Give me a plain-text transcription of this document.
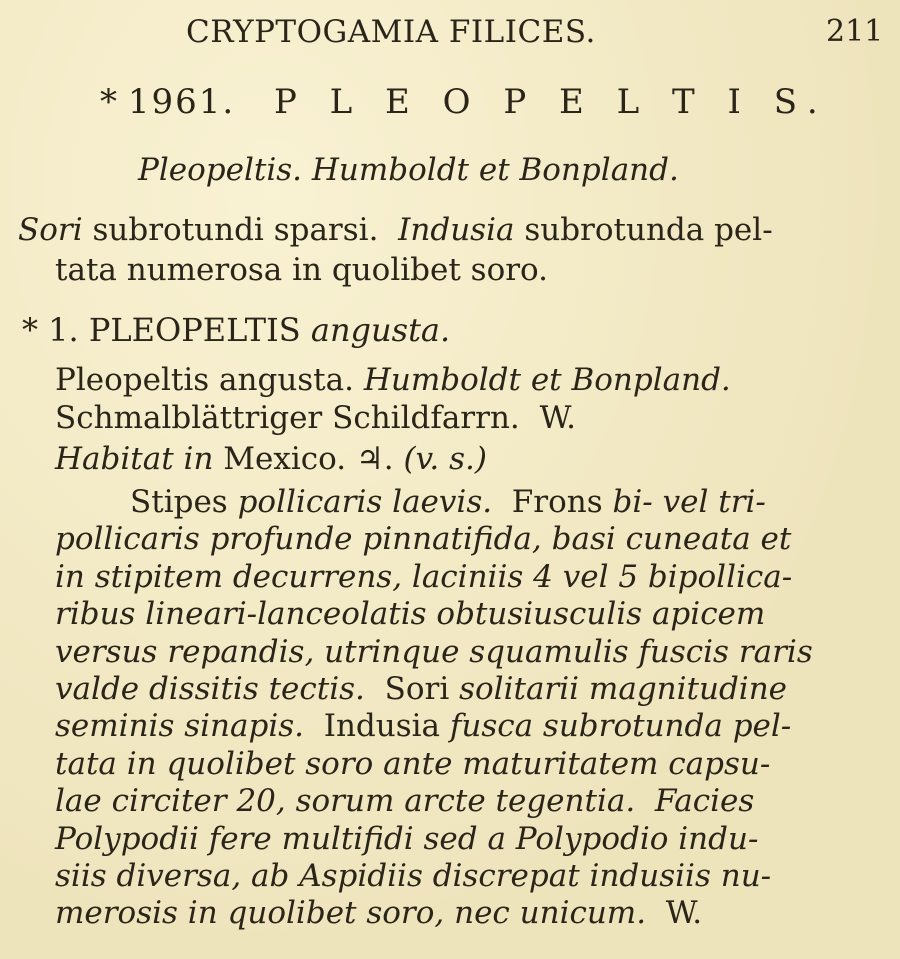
CRYPTOGAMIA FILICES.	211
* 1961. P L E O P E L T I S.
Pleopeltis. Humboldt et Bonpland.
Sori subrotundi sparsi.  Indusia subrotunda pel-
tata numerosa in quolibet soro.
* 1. PLEOPELTIS angusta.
Pleopeltis angusta. Humboldt et Bonpland.
Schmalblättriger Schildfarrn. W.
Habitat in Mexico. ♃. (v. s.)
Stipes pollicaris laevis.  Frons bi- vel tri-
pollicaris profunde pinnatifida, basi cuneata et
in stipitem decurrens, laciniis 4 vel 5 bipollica-
ribus lineari-lanceolatis obtusiusculis apicem
versus repandis, utrinque squamulis fuscis raris
valde dissitis tectis.  Sori solitarii magnitudine
seminis sinapis.  Indusia fusca subrotunda pel-
tata in quolibet soro ante maturitatem capsu-
lae circiter 20, sorum arcte tegentia.  Facies
Polypodii fere multifidi sed a Polypodio indu-
siis diversa, ab Aspidiis discrepat indusiis nu-
merosis in quolibet soro, nec unicum.  W.
